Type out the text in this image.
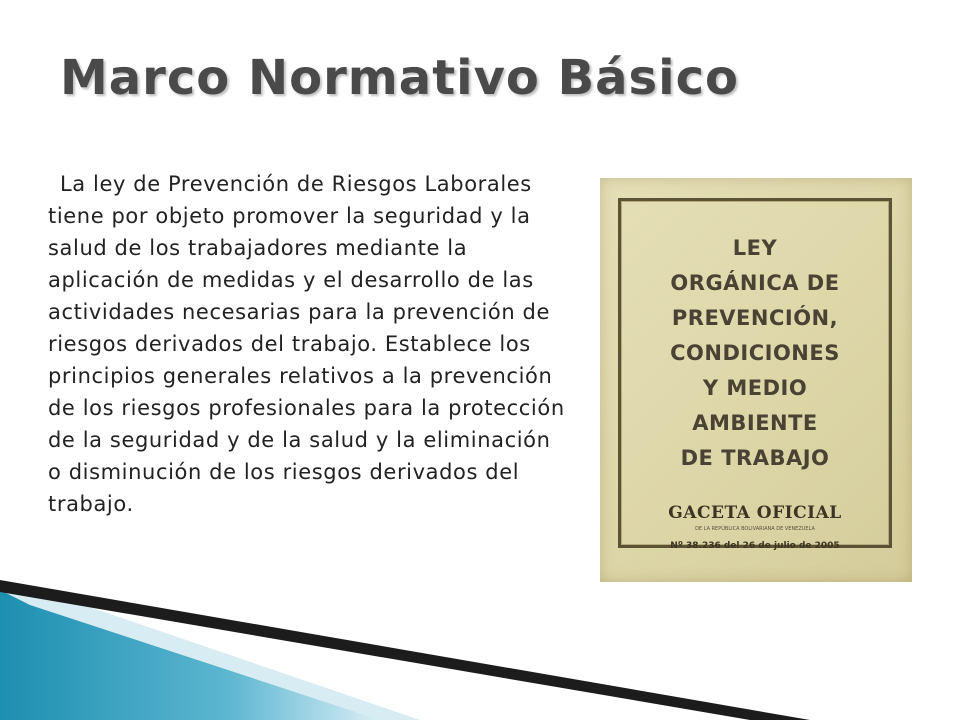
Marco Normativo Básico

La ley de Prevención de Riesgos Laborales tiene por objeto promover la seguridad y la salud de los trabajadores mediante la aplicación de medidas y el desarrollo de las actividades necesarias para la prevención de riesgos derivados del trabajo. Establece los principios generales relativos a la prevención de los riesgos profesionales para la protección de la seguridad y de la salud y la eliminación o disminución de los riesgos derivados del trabajo.

LEY
ORGÁNICA DE
PREVENCIÓN,
CONDICIONES
Y MEDIO
AMBIENTE
DE TRABAJO
GACETA OFICIAL
DE LA REPÚBLICA BOLIVARIANA DE VENEZUELA
Nº 38.236 del 26 de julio de 2005
